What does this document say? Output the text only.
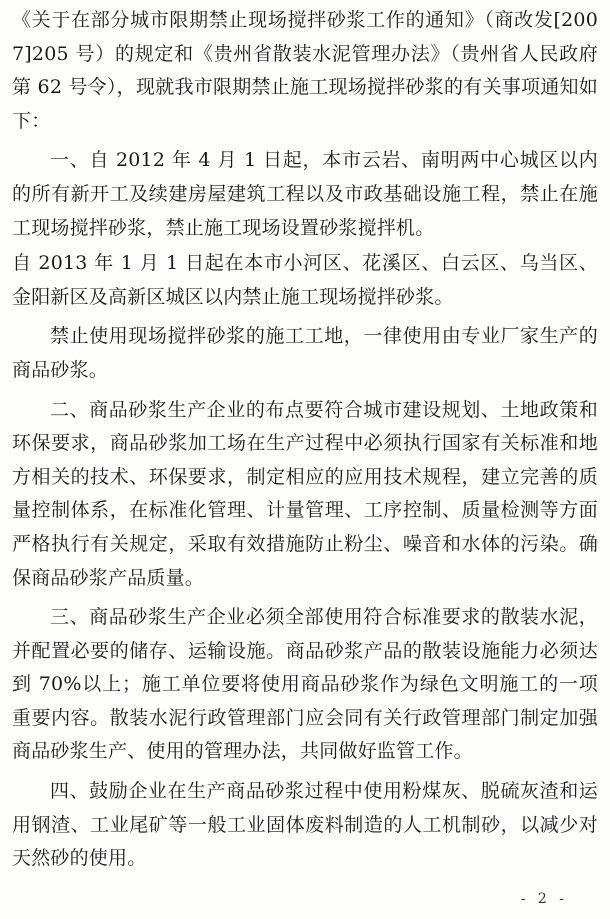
《关于在部分城市限期禁止现场搅拌砂浆工作的通知》（商改发[2007]205 号）的规定和《贵州省散装水泥管理办法》（贵州省人民政府第 62 号令），现就我市限期禁止施工现场搅拌砂浆的有关事项通知如下：

一、自 2012 年 4 月 1 日起，本市云岩、南明两中心城区以内的所有新开工及续建房屋建筑工程以及市政基础设施工程，禁止在施工现场搅拌砂浆，禁止施工现场设置砂浆搅拌机。

自 2013 年 1 月 1 日起在本市小河区、花溪区、白云区、乌当区、金阳新区及高新区城区以内禁止施工现场搅拌砂浆。

禁止使用现场搅拌砂浆的施工工地，一律使用由专业厂家生产的商品砂浆。

二、商品砂浆生产企业的布点要符合城市建设规划、土地政策和环保要求，商品砂浆加工场在生产过程中必须执行国家有关标准和地方相关的技术、环保要求，制定相应的应用技术规程，建立完善的质量控制体系，在标准化管理、计量管理、工序控制、质量检测等方面严格执行有关规定，采取有效措施防止粉尘、噪音和水体的污染。确保商品砂浆产品质量。

三、商品砂浆生产企业必须全部使用符合标准要求的散装水泥，并配置必要的储存、运输设施。商品砂浆产品的散装设施能力必须达到 70%以上；施工单位要将使用商品砂浆作为绿色文明施工的一项重要内容。散装水泥行政管理部门应会同有关行政管理部门制定加强商品砂浆生产、使用的管理办法，共同做好监管工作。

四、鼓励企业在生产商品砂浆过程中使用粉煤灰、脱硫灰渣和运用钢渣、工业尾矿等一般工业固体废料制造的人工机制砂，以减少对天然砂的使用。

- 2 -
